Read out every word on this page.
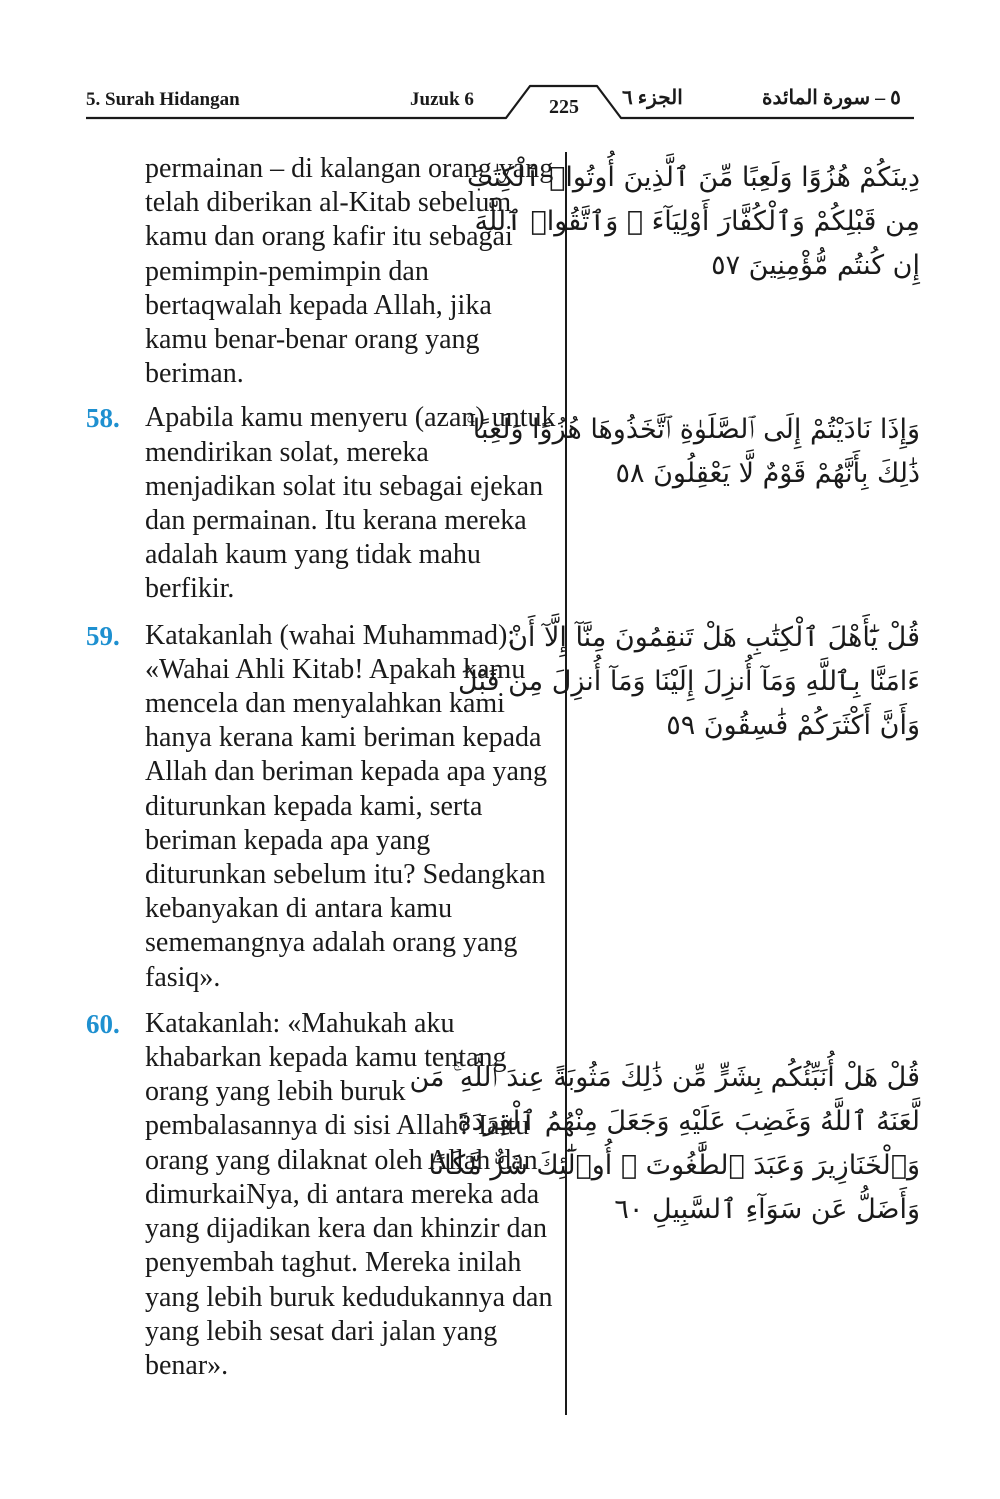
5. Surah Hidangan	Juzuk 6	225	الجزء ٦	٥ – سورة المائدة
permainan – di kalangan orang yang telah diberikan al-Kitab sebelum kamu dan orang kafir itu sebagai pemimpin-pemimpin dan bertaqwalah kepada Allah, jika kamu benar-benar orang yang beriman.
58. Apabila kamu menyeru (azan) untuk mendirikan solat, mereka menjadikan solat itu sebagai ejekan dan permainan. Itu kerana mereka adalah kaum yang tidak mahu berfikir.
59. Katakanlah (wahai Muhammad): «Wahai Ahli Kitab! Apakah kamu mencela dan menyalahkan kami hanya kerana kami beriman kepada Allah dan beriman kepada apa yang diturunkan kepada kami, serta beriman kepada apa yang diturunkan sebelum itu? Sedangkan kebanyakan di antara kamu sememangnya adalah orang yang fasiq».
60. Katakanlah: «Mahukah aku khabarkan kepada kamu tentang orang yang lebih buruk pembalasannya di sisi Allah? Iaitu orang yang dilaknat oleh Allah dan dimurkaiNya, di antara mereka ada yang dijadikan kera dan khinzir dan penyembah taghut. Mereka inilah yang lebih buruk kedudukannya dan yang lebih sesat dari jalan yang benar».
دِينَكُمْ هُزُوًا وَلَعِبًا مِّنَ ٱلَّذِينَ أُوتُوا۟ ٱلْكِتَٰبَ
مِن قَبْلِكُمْ وَٱلْكُفَّارَ أَوْلِيَآءَ ۚ وَٱتَّقُوا۟ ٱللَّهَ
إِن كُنتُم مُّؤْمِنِينَ ٥٧
وَإِذَا نَادَيْتُمْ إِلَى ٱلصَّلَوٰةِ ٱتَّخَذُوهَا هُزُوًا وَلَعِبًا ۚ
ذَٰلِكَ بِأَنَّهُمْ قَوْمٌ لَّا يَعْقِلُونَ ٥٨
قُلْ يَٰٓأَهْلَ ٱلْكِتَٰبِ هَلْ تَنقِمُونَ مِنَّآ إِلَّآ أَنْ
ءَامَنَّا بِٱللَّهِ وَمَآ أُنزِلَ إِلَيْنَا وَمَآ أُنزِلَ مِن قَبْلُ
وَأَنَّ أَكْثَرَكُمْ فَٰسِقُونَ ٥٩
قُلْ هَلْ أُنَبِّئُكُم بِشَرٍّ مِّن ذَٰلِكَ مَثُوبَةً عِندَ ٱللَّهِ ۚ مَن
لَّعَنَهُ ٱللَّهُ وَغَضِبَ عَلَيْهِ وَجَعَلَ مِنْهُمُ ٱلْقِرَدَةَ
وَٱلْخَنَازِيرَ وَعَبَدَ ٱلطَّٰغُوتَ ۚ أُو۟لَٰٓئِكَ شَرٌّ مَّكَانًا
وَأَضَلُّ عَن سَوَآءِ ٱلسَّبِيلِ ٦٠
